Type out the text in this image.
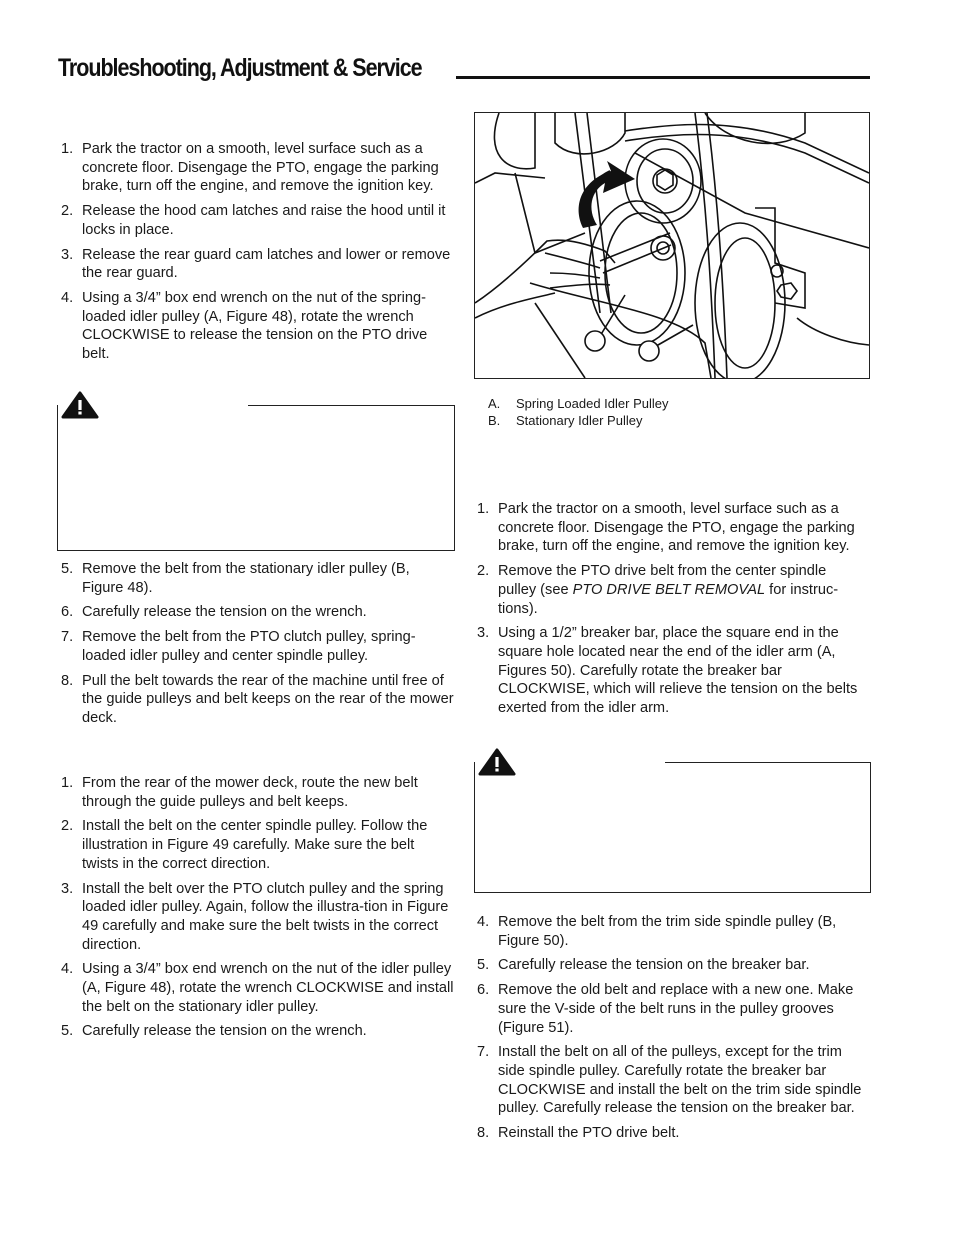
Troubleshooting, Adjustment & Service
1. Park the tractor on a smooth, level surface such as a concrete floor. Disengage the PTO, engage the parking brake, turn off the engine, and remove the ignition key.
2. Release the hood cam latches and raise the hood until it locks in place.
3. Release the rear guard cam latches and lower or remove the rear guard.
4. Using a 3/4” box end wrench on the nut of the spring-loaded idler pulley (A, Figure 48), rotate the wrench CLOCKWISE to release the tension on the PTO drive belt.
5. Remove the belt from the stationary idler pulley (B, Figure 48).
6. Carefully release the tension on the wrench.
7. Remove the belt from the PTO clutch pulley, spring-loaded idler pulley and center spindle pulley.
8. Pull the belt towards the rear of the machine until free of the guide pulleys and belt keeps on the rear of the mower deck.
1. From the rear of the mower deck, route the new belt through the guide pulleys and belt keeps.
2. Install the belt on the center spindle pulley. Follow the illustration in Figure 49 carefully. Make sure the belt twists in the correct direction.
3. Install the belt over the PTO clutch pulley and the spring loaded idler pulley. Again, follow the illustra-tion in Figure 49 carefully and make sure the belt twists in the correct direction.
4. Using a 3/4” box end wrench on the nut of the idler pulley (A, Figure 48), rotate the wrench CLOCKWISE and install the belt on the stationary idler pulley.
5. Carefully release the tension on the wrench.
A. Spring Loaded Idler Pulley
B. Stationary Idler Pulley
1. Park the tractor on a smooth, level surface such as a concrete floor. Disengage the PTO, engage the parking brake, turn off the engine, and remove the ignition key.
2. Remove the PTO drive belt from the center spindle pulley (see PTO DRIVE BELT REMOVAL for instruc-tions).
3. Using a 1/2” breaker bar, place the square end in the square hole located near the end of the idler arm (A, Figures 50). Carefully rotate the breaker bar CLOCKWISE, which will relieve the tension on the belts exerted from the idler arm.
4. Remove the belt from the trim side spindle pulley (B, Figure 50).
5. Carefully release the tension on the breaker bar.
6. Remove the old belt and replace with a new one. Make sure the V-side of the belt runs in the pulley grooves (Figure 51).
7. Install the belt on all of the pulleys, except for the trim side spindle pulley. Carefully rotate the breaker bar CLOCKWISE and install the belt on the trim side spindle pulley. Carefully release the tension on the breaker bar.
8. Reinstall the PTO drive belt.
